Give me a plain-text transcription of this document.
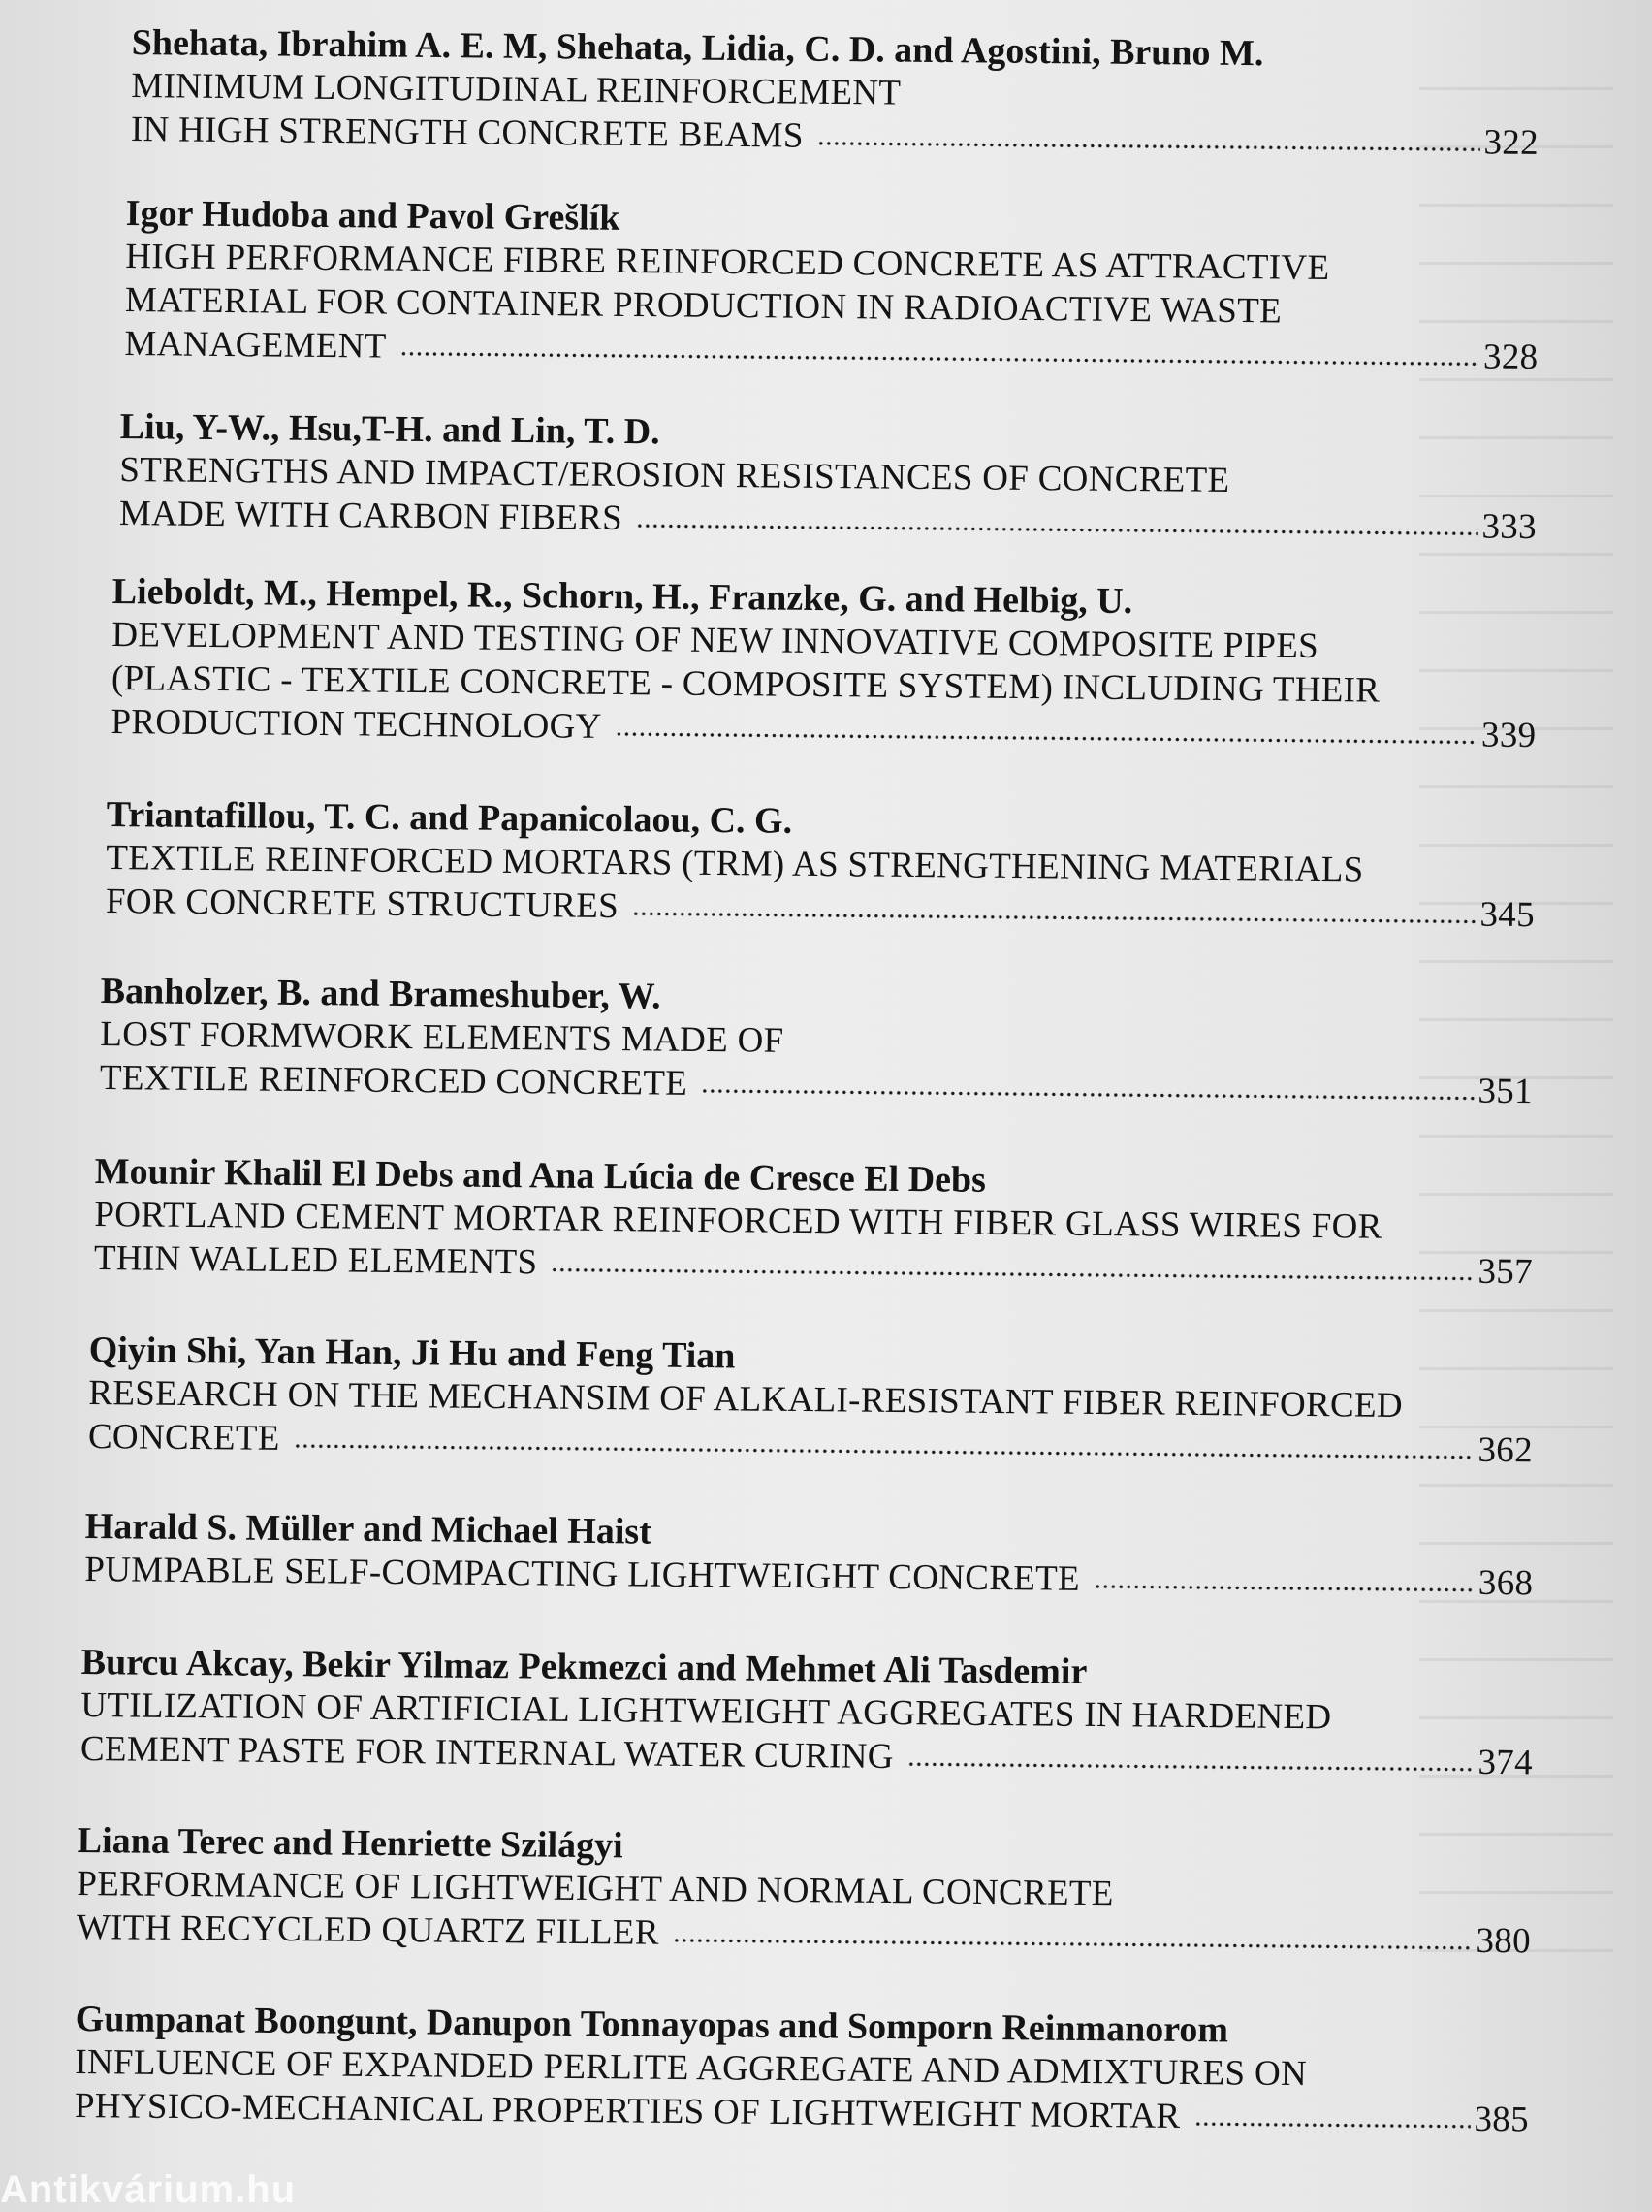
Shehata, Ibrahim A. E. M, Shehata, Lidia, C. D. and Agostini, Bruno M.
MINIMUM LONGITUDINAL REINFORCEMENT
IN HIGH STRENGTH CONCRETE BEAMS	322
Igor Hudoba and Pavol Grešlík
HIGH PERFORMANCE FIBRE REINFORCED CONCRETE AS ATTRACTIVE
MATERIAL FOR CONTAINER PRODUCTION IN RADIOACTIVE WASTE
MANAGEMENT	328
Liu, Y-W., Hsu,T-H. and Lin, T. D.
STRENGTHS AND IMPACT/EROSION RESISTANCES OF CONCRETE
MADE WITH CARBON FIBERS	333
Lieboldt, M., Hempel, R., Schorn, H., Franzke, G. and Helbig, U.
DEVELOPMENT AND TESTING OF NEW INNOVATIVE COMPOSITE PIPES
(PLASTIC - TEXTILE CONCRETE - COMPOSITE SYSTEM) INCLUDING THEIR
PRODUCTION TECHNOLOGY	339
Triantafillou, T. C. and Papanicolaou, C. G.
TEXTILE REINFORCED MORTARS (TRM) AS STRENGTHENING MATERIALS
FOR CONCRETE STRUCTURES	345
Banholzer, B. and Brameshuber, W.
LOST FORMWORK ELEMENTS MADE OF
TEXTILE REINFORCED CONCRETE	351
Mounir Khalil El Debs and Ana Lúcia de Cresce El Debs
PORTLAND CEMENT MORTAR REINFORCED WITH FIBER GLASS WIRES FOR
THIN WALLED ELEMENTS	357
Qiyin Shi, Yan Han, Ji Hu and Feng Tian
RESEARCH ON THE MECHANSIM OF ALKALI-RESISTANT FIBER REINFORCED
CONCRETE	362
Harald S. Müller and Michael Haist
PUMPABLE SELF-COMPACTING LIGHTWEIGHT CONCRETE	368
Burcu Akcay, Bekir Yilmaz Pekmezci and Mehmet Ali Tasdemir
UTILIZATION OF ARTIFICIAL LIGHTWEIGHT AGGREGATES IN HARDENED
CEMENT PASTE FOR INTERNAL WATER CURING	374
Liana Terec and Henriette Szilágyi
PERFORMANCE OF LIGHTWEIGHT AND NORMAL CONCRETE
WITH RECYCLED QUARTZ FILLER	380
Gumpanat Boongunt, Danupon Tonnayopas and Somporn Reinmanorom
INFLUENCE OF EXPANDED PERLITE AGGREGATE AND ADMIXTURES ON
PHYSICO-MECHANICAL PROPERTIES OF LIGHTWEIGHT MORTAR	385
Antikvárium.hu
